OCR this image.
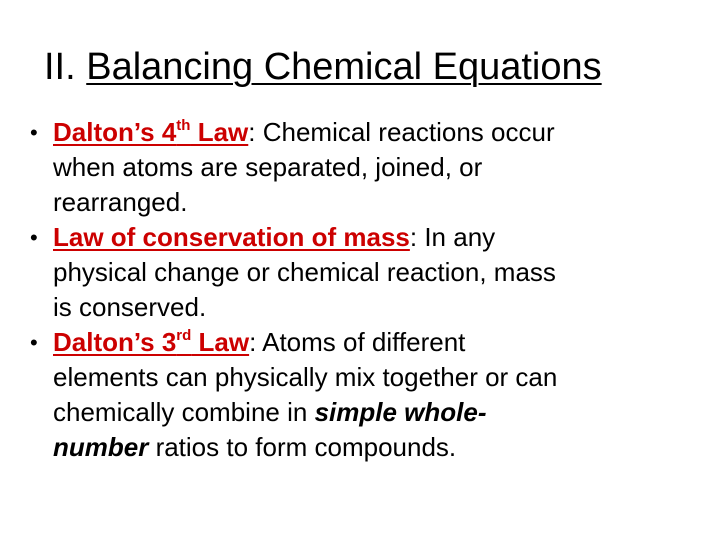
II. Balancing Chemical Equations
• Dalton’s 4th Law: Chemical reactions occur
when atoms are separated, joined, or
rearranged.
• Law of conservation of mass: In any
physical change or chemical reaction, mass
is conserved.
• Dalton’s 3rd Law: Atoms of different
elements can physically mix together or can
chemically combine in simple whole-
number ratios to form compounds.
